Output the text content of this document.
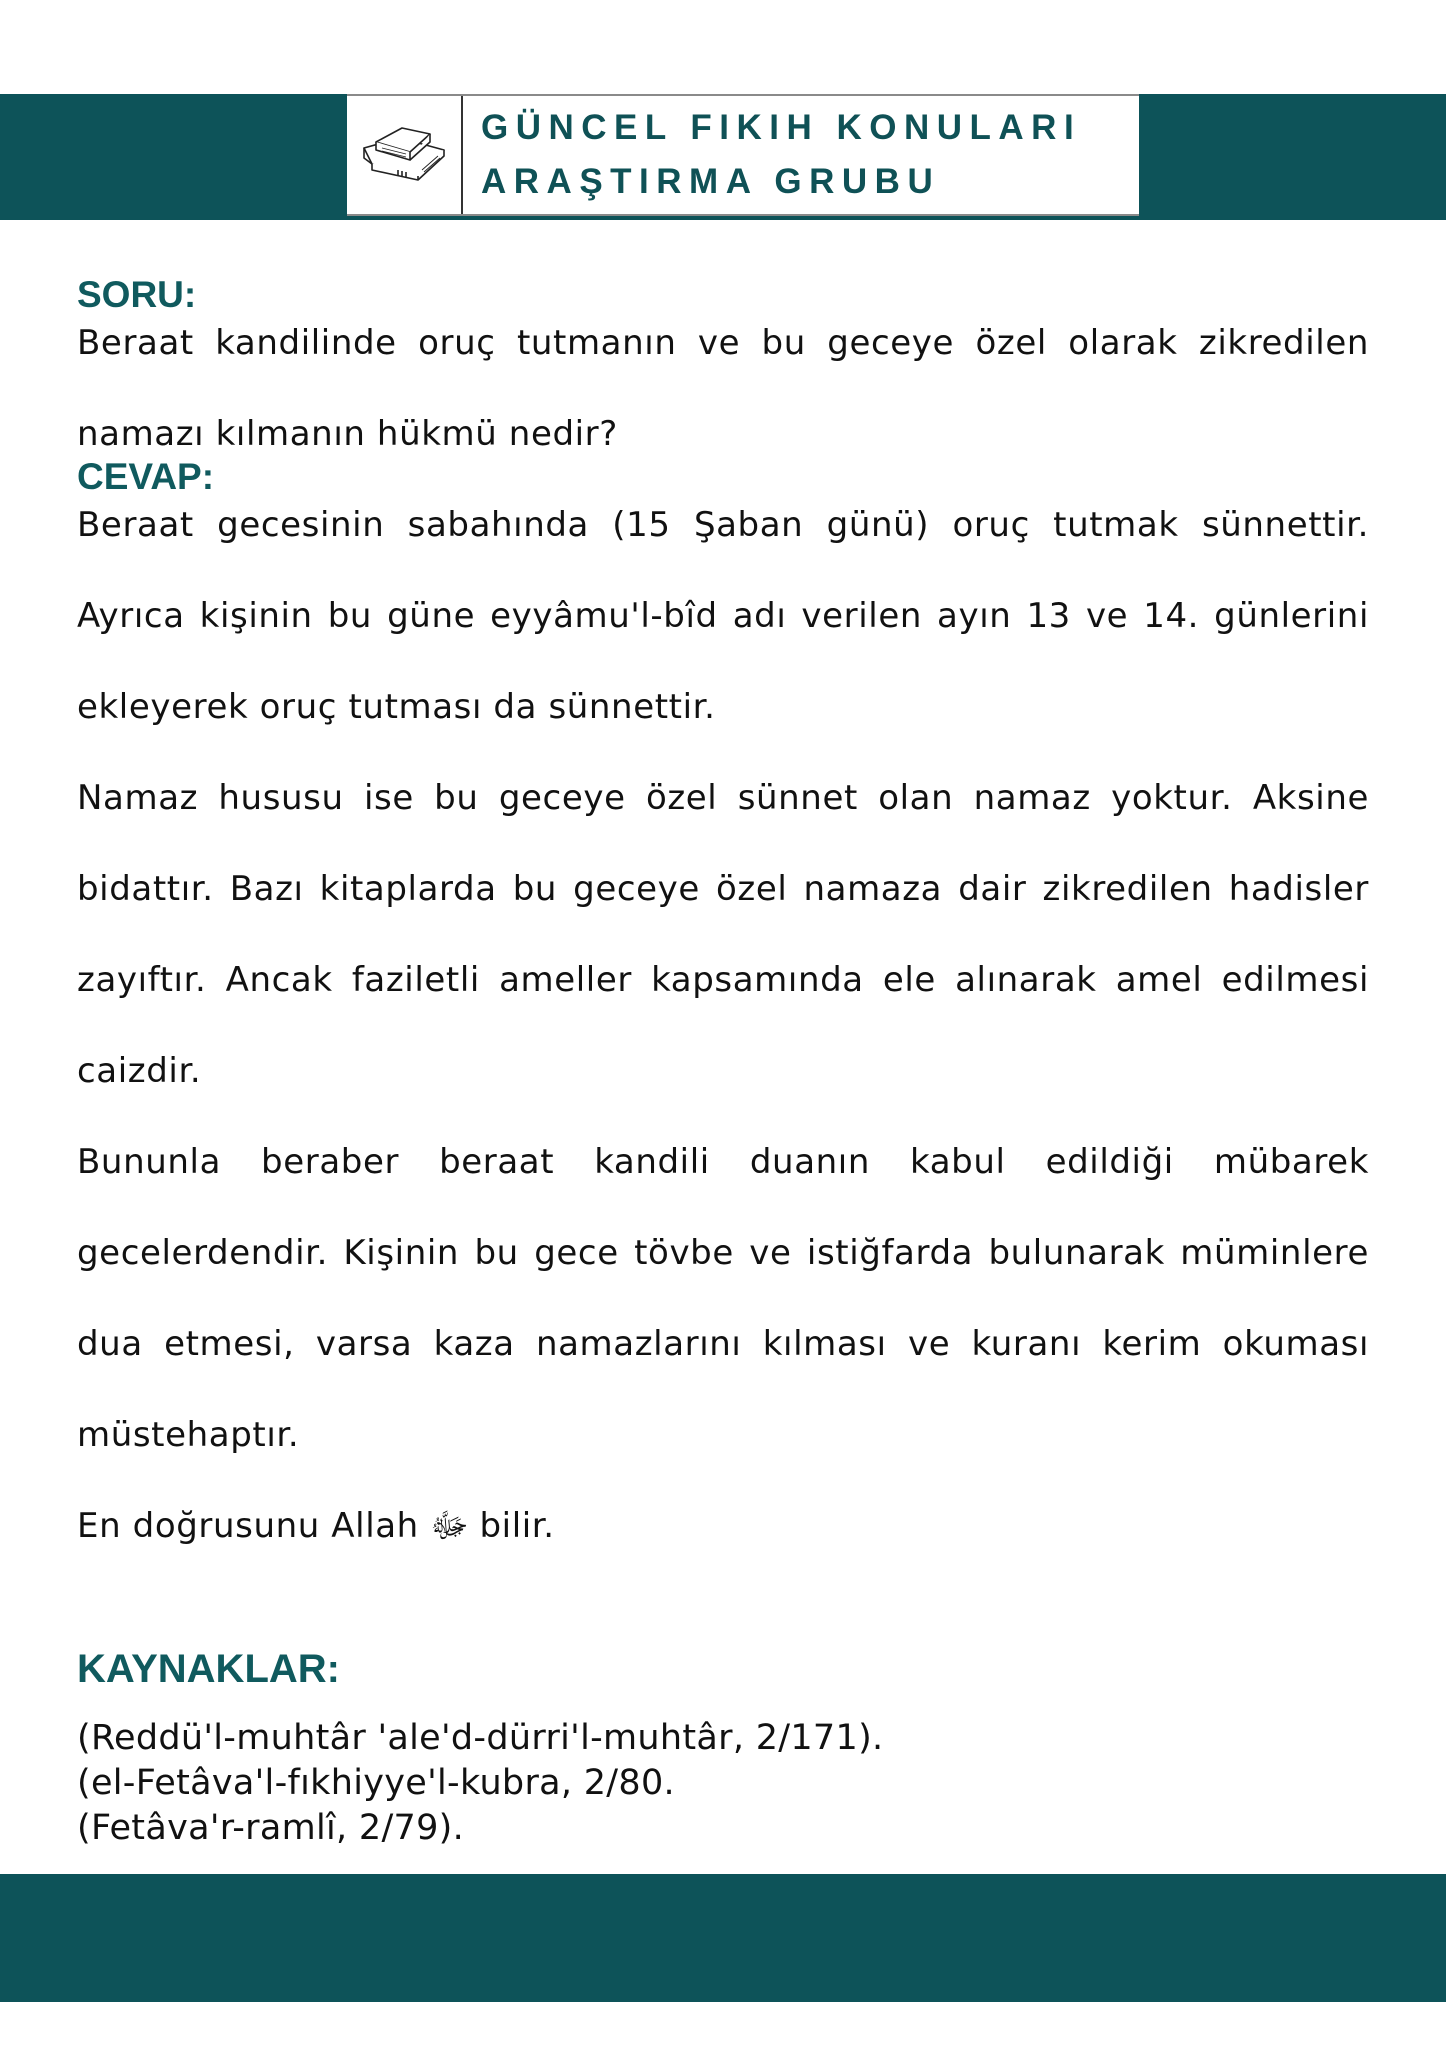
GÜNCEL FIKIH KONULARI
ARAŞTIRMA GRUBU
SORU:

Beraat kandilinde oruç tutmanın ve bu geceye özel olarak zikredilen namazı kılmanın hükmü nedir?

CEVAP:

Beraat gecesinin sabahında (15 Şaban günü) oruç tutmak sünnettir. Ayrıca kişinin bu güne eyyâmu'l-bîd adı verilen ayın 13 ve 14. günlerini ekleyerek oruç tutması da sünnettir.

Namaz hususu ise bu geceye özel sünnet olan namaz yoktur. Aksine bidattır. Bazı kitaplarda bu geceye özel namaza dair zikredilen hadisler zayıftır. Ancak faziletli ameller kapsamında ele alınarak amel edilmesi caizdir.

Bununla beraber beraat kandili duanın kabul edildiği mübarek gecelerdendir. Kişinin bu gece tövbe ve istiğfarda bulunarak müminlere dua etmesi, varsa kaza namazlarını kılması ve kuranı kerim okuması müstehaptır.

En doğrusunu Allah ﷻ bilir.

KAYNAKLAR:
(Reddü'l-muhtâr 'ale'd-dürri'l-muhtâr, 2/171).
(el-Fetâva'l-fıkhiyye'l-kubra, 2/80.
(Fetâva'r-ramlî, 2/79).
